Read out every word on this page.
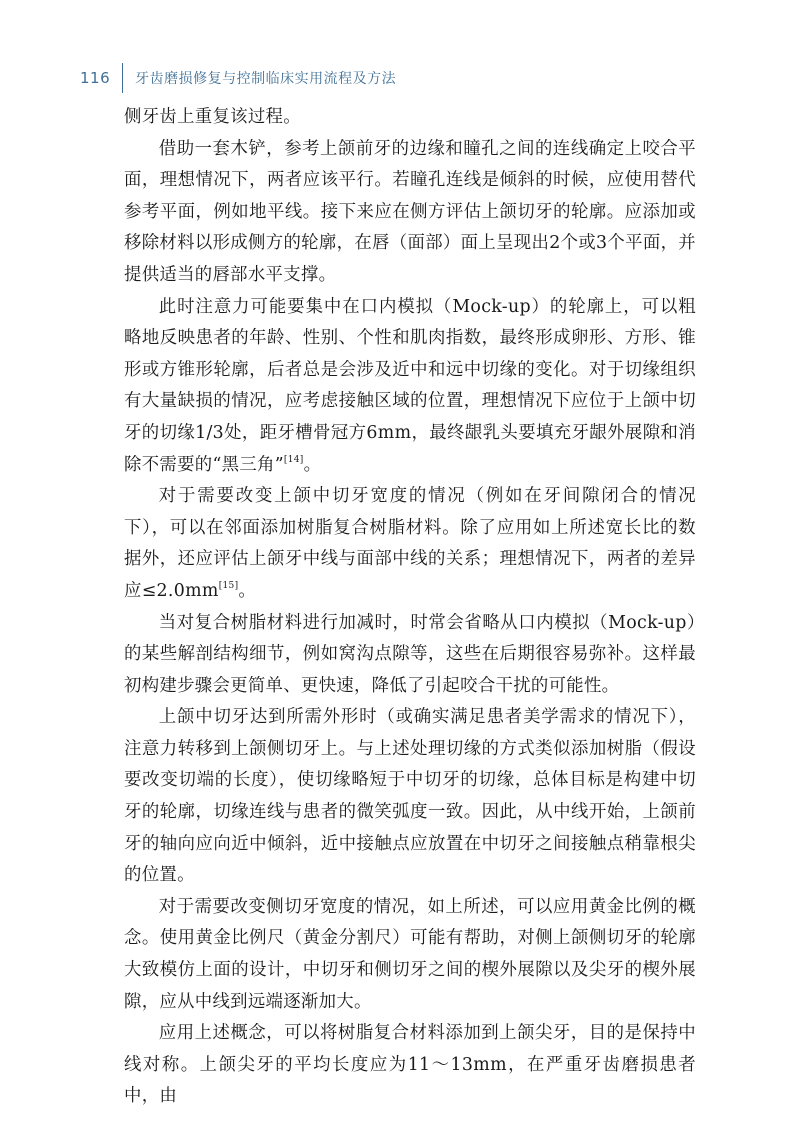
116 牙齿磨损修复与控制临床实用流程及方法

侧牙齿上重复该过程。

借助一套木铲，参考上颌前牙的边缘和瞳孔之间的连线确定上咬合平面，理想情况下，两者应该平行。若瞳孔连线是倾斜的时候，应使用替代参考平面，例如地平线。接下来应在侧方评估上颌切牙的轮廓。应添加或移除材料以形成侧方的轮廓，在唇（面部）面上呈现出2个或3个平面，并提供适当的唇部水平支撑。

此时注意力可能要集中在口内模拟（Mock-up）的轮廓上，可以粗略地反映患者的年龄、性别、个性和肌肉指数，最终形成卵形、方形、锥形或方锥形轮廓，后者总是会涉及近中和远中切缘的变化。对于切缘组织有大量缺损的情况，应考虑接触区域的位置，理想情况下应位于上颌中切牙的切缘1/3处，距牙槽骨冠方6mm，最终龈乳头要填充牙龈外展隙和消除不需要的“黑三角”[14]。

对于需要改变上颌中切牙宽度的情况（例如在牙间隙闭合的情况下），可以在邻面添加树脂复合树脂材料。除了应用如上所述宽长比的数据外，还应评估上颌牙中线与面部中线的关系；理想情况下，两者的差异应≤2.0mm[15]。

当对复合树脂材料进行加减时，时常会省略从口内模拟（Mock-up）的某些解剖结构细节，例如窝沟点隙等，这些在后期很容易弥补。这样最初构建步骤会更简单、更快速，降低了引起咬合干扰的可能性。

上颌中切牙达到所需外形时（或确实满足患者美学需求的情况下），注意力转移到上颌侧切牙上。与上述处理切缘的方式类似添加树脂（假设要改变切端的长度），使切缘略短于中切牙的切缘，总体目标是构建中切牙的轮廓，切缘连线与患者的微笑弧度一致。因此，从中线开始，上颌前牙的轴向应向近中倾斜，近中接触点应放置在中切牙之间接触点稍靠根尖的位置。

对于需要改变侧切牙宽度的情况，如上所述，可以应用黄金比例的概念。使用黄金比例尺（黄金分割尺）可能有帮助，对侧上颌侧切牙的轮廓大致模仿上面的设计，中切牙和侧切牙之间的楔外展隙以及尖牙的楔外展隙，应从中线到远端逐渐加大。

应用上述概念，可以将树脂复合材料添加到上颌尖牙，目的是保持中线对称。上颌尖牙的平均长度应为11～13mm，在严重牙齿磨损患者中，由
